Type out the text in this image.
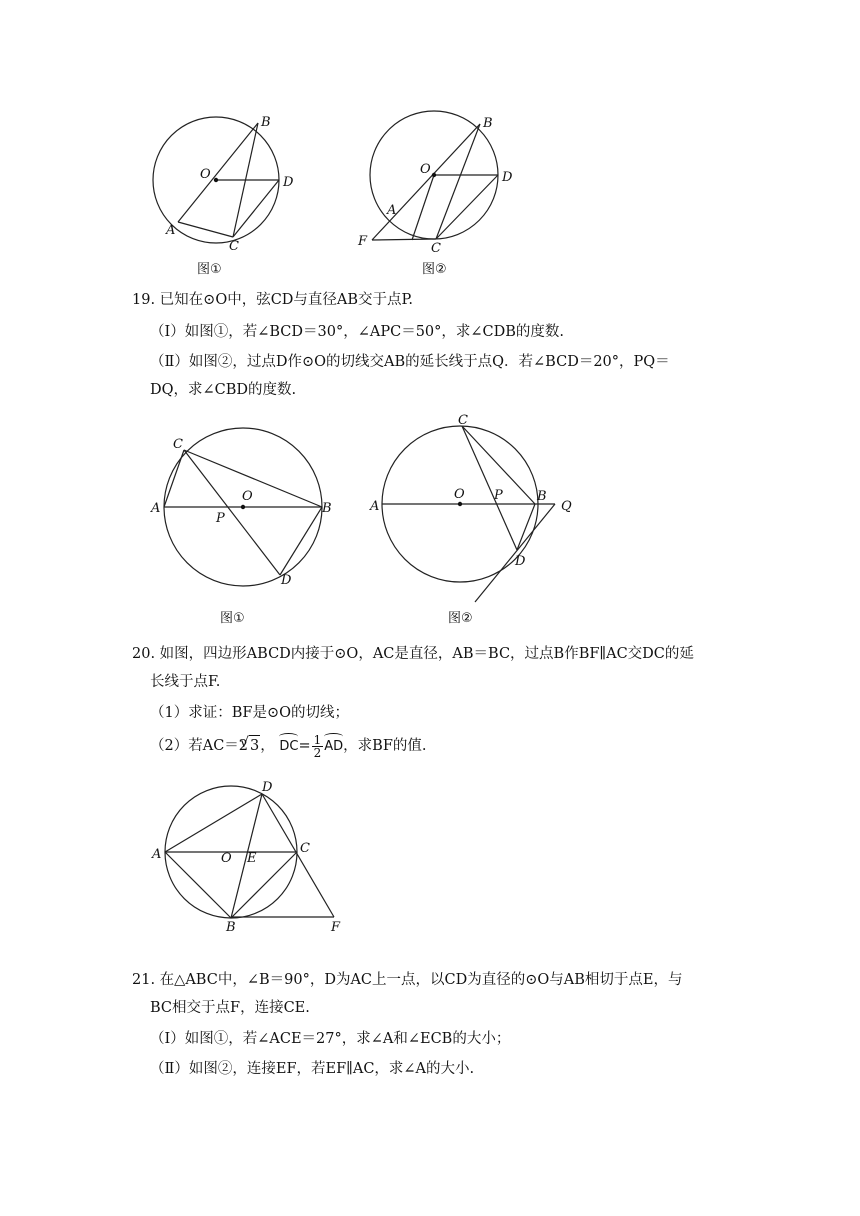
B
O
D
A
C
图①
B
O
D
A
F	C
图②
19. 已知在⊙O中，弦CD与直径AB交于点P.
（Ⅰ）如图①，若∠BCD＝30°，∠APC＝50°，求∠CDB的度数.
（Ⅱ）如图②，过点D作⊙O的切线交AB的延长线于点Q．若∠BCD＝20°，PQ＝
DQ，求∠CBD的度数.
C
A
O
P
B
D
图①
C
A
O P	B
Q
D
图②
20. 如图，四边形ABCD内接于⊙O，AC是直径，AB＝BC，过点B作BF∥AC交DC的延
长线于点F.
（1）求证：BF是⊙O的切线；
（2）若AC＝2√ 3， $DC= \frac{1}{2}$ AD，求BF的值.
D
A	O E
C
B	F
21. 在△ABC中，∠B＝90°，D为AC上一点，以CD为直径的⊙O与AB相切于点E，与
BC相交于点F，连接CE.
（Ⅰ）如图①，若∠ACE＝27°，求∠A和∠ECB的大小；
（Ⅱ）如图②，连接EF，若EF∥AC，求∠A的大小.
